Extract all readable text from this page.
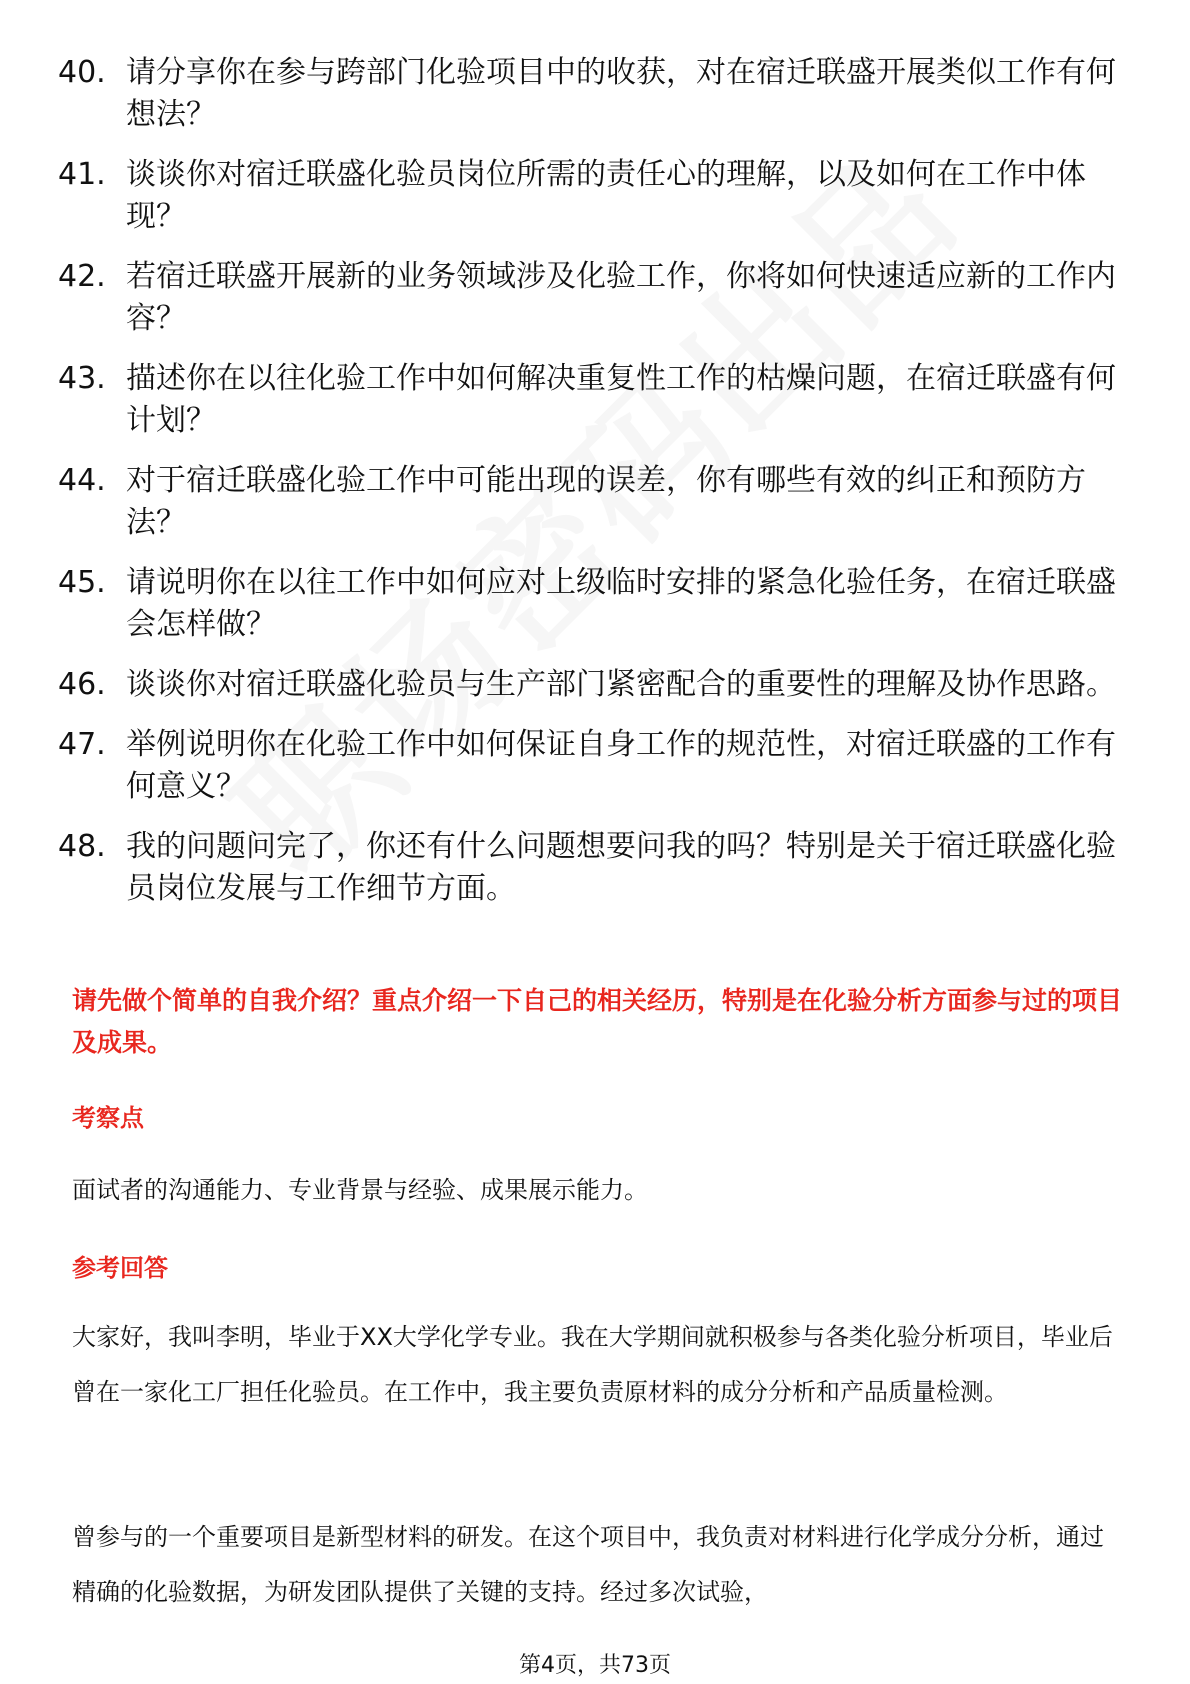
40. 请分享你在参与跨部门化验项目中的收获，对在宿迁联盛开展类似工作有何想法？
41. 谈谈你对宿迁联盛化验员岗位所需的责任心的理解，以及如何在工作中体现？
42. 若宿迁联盛开展新的业务领域涉及化验工作，你将如何快速适应新的工作内容？
43. 描述你在以往化验工作中如何解决重复性工作的枯燥问题，在宿迁联盛有何计划？
44. 对于宿迁联盛化验工作中可能出现的误差，你有哪些有效的纠正和预防方法？
45. 请说明你在以往工作中如何应对上级临时安排的紧急化验任务，在宿迁联盛会怎样做？
46. 谈谈你对宿迁联盛化验员与生产部门紧密配合的重要性的理解及协作思路。
47. 举例说明你在化验工作中如何保证自身工作的规范性，对宿迁联盛的工作有何意义？
48. 我的问题问完了，你还有什么问题想要问我的吗？特别是关于宿迁联盛化验员岗位发展与工作细节方面。
请先做个简单的自我介绍？重点介绍一下自己的相关经历，特别是在化验分析方面参与过的项目及成果。
考察点
面试者的沟通能力、专业背景与经验、成果展示能力。
参考回答
大家好，我叫李明，毕业于XX大学化学专业。我在大学期间就积极参与各类化验分析项目，毕业后曾在一家化工厂担任化验员。在工作中，我主要负责原材料的成分分析和产品质量检测。
曾参与的一个重要项目是新型材料的研发。在这个项目中，我负责对材料进行化学成分分析，通过精确的化验数据，为研发团队提供了关键的支持。经过多次试验，
第4页，共73页
